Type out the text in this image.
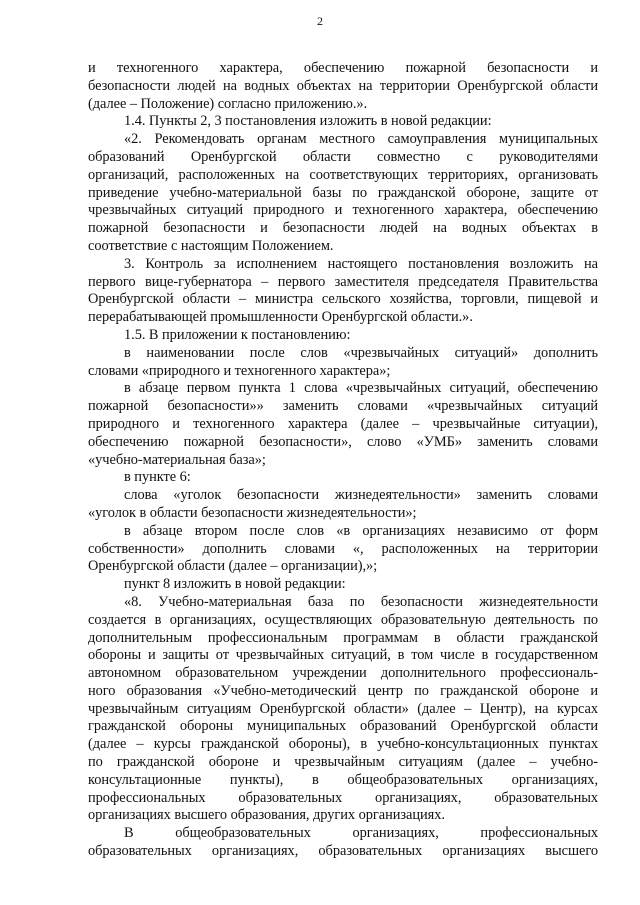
2
и техногенного характера, обеспечению пожарной безопасности и
безопасности людей на водных объектах на территории Оренбургской области
(далее – Положение) согласно приложению.».
1.4. Пункты 2, 3 постановления изложить в новой редакции:
«2. Рекомендовать органам местного самоуправления муниципальных
образований Оренбургской области совместно с руководителями
организаций, расположенных на соответствующих территориях, организовать
приведение учебно-материальной базы по гражданской обороне, защите от
чрезвычайных ситуаций природного и техногенного характера, обеспечению
пожарной безопасности и безопасности людей на водных объектах в
соответствие с настоящим Положением.
3. Контроль за исполнением настоящего постановления возложить на
первого вице-губернатора – первого заместителя председателя Правительства
Оренбургской области – министра сельского хозяйства, торговли, пищевой и
перерабатывающей промышленности Оренбургской области.».
1.5. В приложении к постановлению:
в наименовании после слов «чрезвычайных ситуаций» дополнить
словами «природного и техногенного характера»;
в абзаце первом пункта 1 слова «чрезвычайных ситуаций, обеспечению
пожарной безопасности»» заменить словами «чрезвычайных ситуаций
природного и техногенного характера (далее – чрезвычайные ситуации),
обеспечению пожарной безопасности», слово «УМБ» заменить словами
«учебно-материальная база»;
в пункте 6:
слова «уголок безопасности жизнедеятельности» заменить словами
«уголок в области безопасности жизнедеятельности»;
в абзаце втором после слов «в организациях независимо от форм
собственности» дополнить словами «, расположенных на территории
Оренбургской области (далее – организации),»;
пункт 8 изложить в новой редакции:
«8. Учебно-материальная база по безопасности жизнедеятельности
создается в организациях, осуществляющих образовательную деятельность по
дополнительным профессиональным программам в области гражданской
обороны и защиты от чрезвычайных ситуаций, в том числе в государственном
автономном образовательном учреждении дополнительного профессиональ-
ного образования «Учебно-методический центр по гражданской обороне и
чрезвычайным ситуациям Оренбургской области» (далее – Центр), на курсах
гражданской обороны муниципальных образований Оренбургской области
(далее – курсы гражданской обороны), в учебно-консультационных пунктах
по гражданской обороне и чрезвычайным ситуациям (далее – учебно-
консультационные пункты), в общеобразовательных организациях,
профессиональных образовательных организациях, образовательных
организациях высшего образования, других организациях.
В общеобразовательных организациях, профессиональных
образовательных организациях, образовательных организациях высшего
